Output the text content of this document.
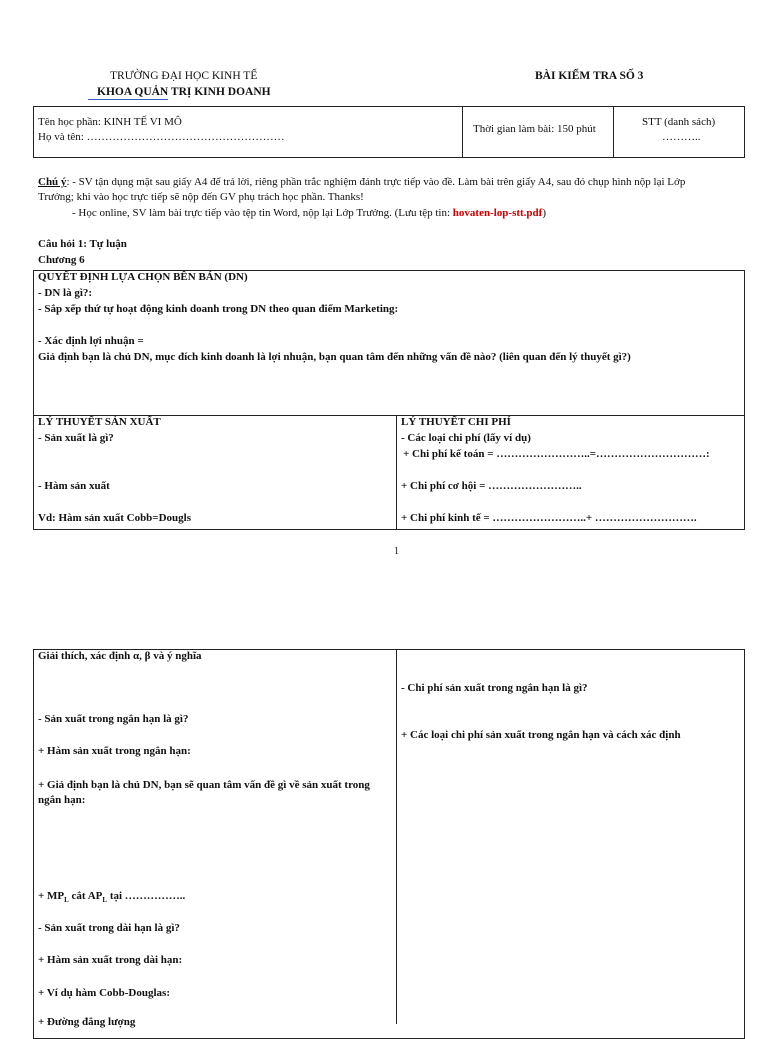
TRƯỜNG ĐẠI HỌC KINH TẾ
KHOA QUẢN TRỊ KINH DOANH
BÀI KIỂM TRA SỐ 3
Tên học phần: KINH TẾ VI MÔ
Họ và tên: ………………………………………………
Thời gian làm bài: 150 phút
STT (danh sách)
………..
Chú ý: - SV tận dụng mặt sau giấy A4 để trả lời, riêng phần trắc nghiệm đánh trực tiếp vào đề. Làm bài trên giấy A4, sau đó chụp hình nộp lại Lớp
Trưởng; khi vào học trực tiếp sẽ nộp đến GV phụ trách học phần. Thanks!
- Học online, SV làm bài trực tiếp vào tệp tin Word, nộp lại Lớp Trưởng. (Lưu tệp tin: hovaten-lop-stt.pdf)
Câu hỏi 1: Tự luận
Chương 6
QUYẾT ĐỊNH LỰA CHỌN BÊN BÁN (DN)
- DN là gì?:
- Sắp xếp thứ tự hoạt động kinh doanh trong DN theo quan điểm Marketing:
- Xác định lợi nhuận =
Giả định bạn là chủ DN, mục đích kinh doanh là lợi nhuận, bạn quan tâm đến những vấn đề nào? (liên quan đến lý thuyết gì?)
LÝ THUYẾT SẢN XUẤT
- Sản xuất là gì?
- Hàm sản xuất
Vd: Hàm sản xuất Cobb=Dougls
LÝ THUYẾT CHI PHÍ
- Các loại chi phí (lấy ví dụ)
+ Chi phí kế toán = ……………………..=…………………………:
+ Chi phí cơ hội = ……………………..
+ Chi phí kinh tế = ……………………..+ ……………………….
1
Giải thích, xác định α, β và ý nghĩa
- Sản xuất trong ngắn hạn là gì?
+ Hàm sản xuất trong ngắn hạn:
+ Giả định bạn là chủ DN, bạn sẽ quan tâm vấn đề gì về sản xuất trong ngắn hạn:
+ $MP_L$ cắt $AP_L$ tại ……………..
- Sản xuất trong dài hạn là gì?
+ Hàm sản xuất trong dài hạn:
+ Ví dụ hàm Cobb-Douglas:
+ Đường đẳng lượng
- Chi phí sản xuất trong ngắn hạn là gì?
+ Các loại chi phí sản xuất trong ngắn hạn và cách xác định
